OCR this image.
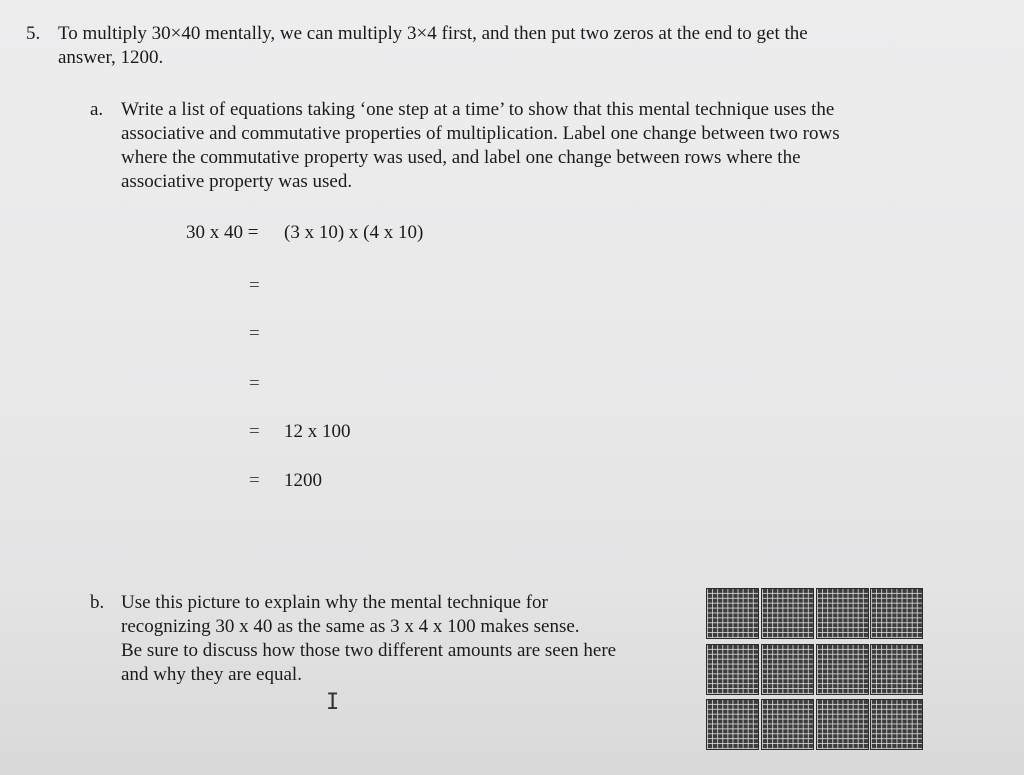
5. To multiply 30×40 mentally, we can multiply 3×4 first, and then put two zeros at the end to get the
answer, 1200.
a. Write a list of equations taking ‘one step at a time’ to show that this mental technique uses the
associative and commutative properties of multiplication. Label one change between two rows
where the commutative property was used, and label one change between rows where the
associative property was used.
30 x 40 = (3 x 10) x (4 x 10)
=
=
=
= 12 x 100
= 1200
b. Use this picture to explain why the mental technique for
recognizing 30 x 40 as the same as 3 x 4 x 100 makes sense.
Be sure to discuss how those two different amounts are seen here
and why they are equal.
I
